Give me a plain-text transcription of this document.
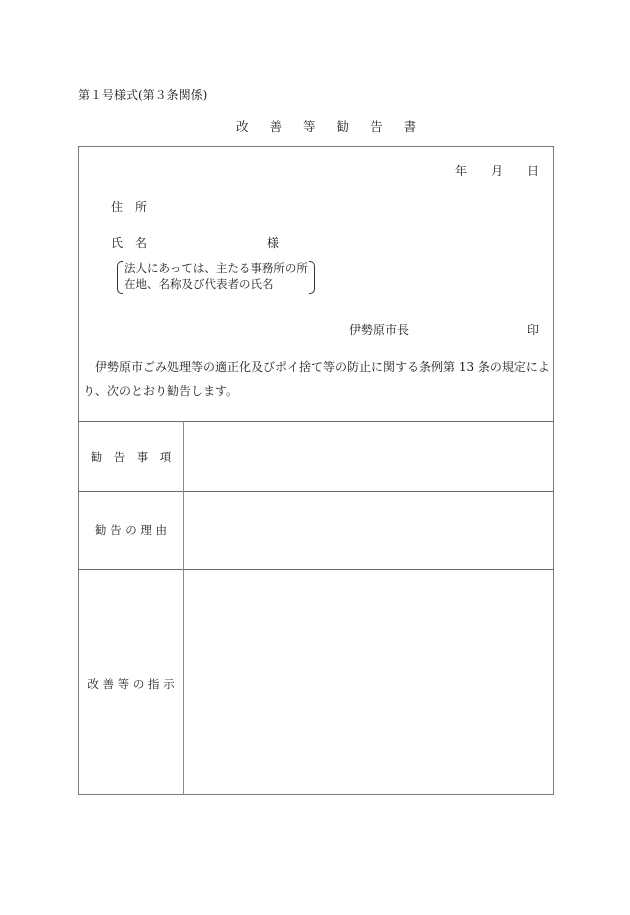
第１号様式(第３条関係)
改 善 等 勧 告 書
年 月 日
住　所
氏　名	様
法人にあっては、主たる事務所の所
在地、名称及び代表者の氏名
伊勢原市長	印
　伊勢原市ごみ処理等の適正化及びポイ捨て等の防止に関する条例第 13 条の規定によ
り、次のとおり勧告します。
勧　告　事　項
勧 告 の 理 由
改 善 等 の 指 示
